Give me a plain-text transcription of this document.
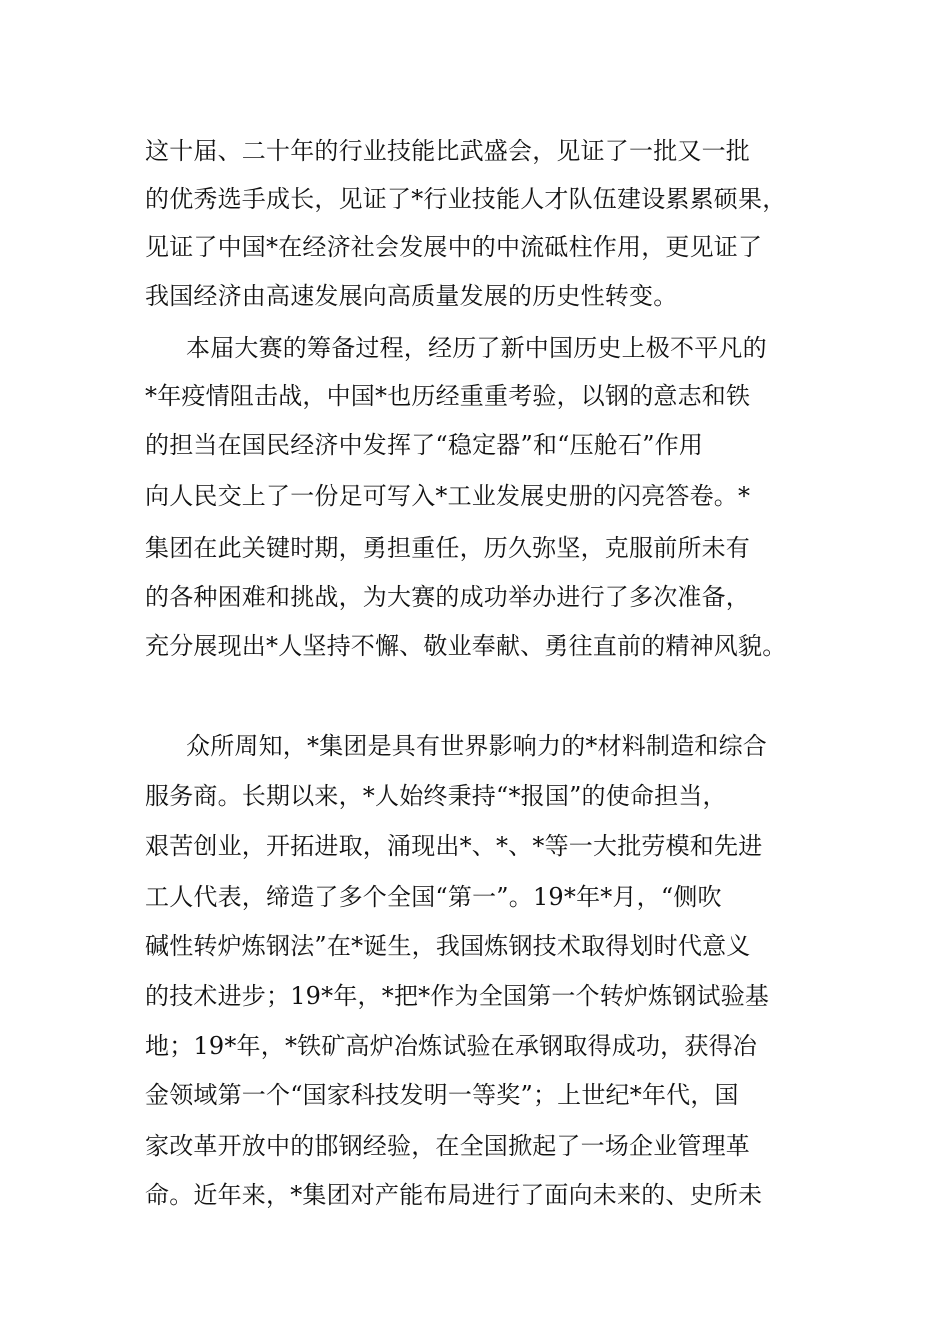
这十届、二十年的行业技能比武盛会，见证了一批又一批
的优秀选手成长，见证了*行业技能人才队伍建设累累硕果，
见证了中国*在经济社会发展中的中流砥柱作用，更见证了
我国经济由高速发展向高质量发展的历史性转变。
本届大赛的筹备过程，经历了新中国历史上极不平凡的
*年疫情阻击战，中国*也历经重重考验，以钢的意志和铁
的担当在国民经济中发挥了“稳定器”和“压舱石”作用
向人民交上了一份足可写入*工业发展史册的闪亮答卷。*
集团在此关键时期，勇担重任，历久弥坚，克服前所未有
的各种困难和挑战，为大赛的成功举办进行了多次准备，
充分展现出*人坚持不懈、敬业奉献、勇往直前的精神风貌。
众所周知，*集团是具有世界影响力的*材料制造和综合
服务商。长期以来，*人始终秉持“*报国”的使命担当，
艰苦创业，开拓进取，涌现出*、*、*等一大批劳模和先进
工人代表，缔造了多个全国“第一”。19*年*月，“侧吹
碱性转炉炼钢法”在*诞生，我国炼钢技术取得划时代意义
的技术进步；19*年，*把*作为全国第一个转炉炼钢试验基
地；19*年，*铁矿高炉冶炼试验在承钢取得成功，获得冶
金领域第一个“国家科技发明一等奖”；上世纪*年代，国
家改革开放中的邯钢经验，在全国掀起了一场企业管理革
命。近年来，*集团对产能布局进行了面向未来的、史所未
